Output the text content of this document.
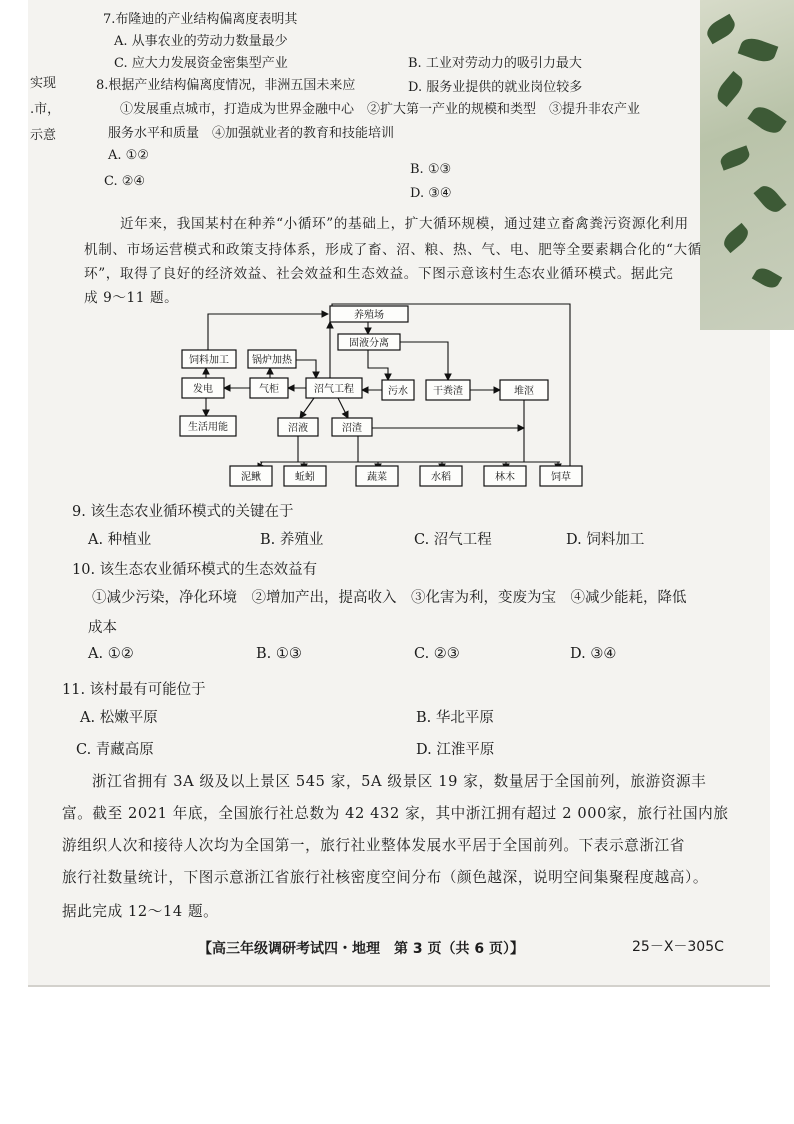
实现
.市，
示意
7.布隆迪的产业结构偏离度表明其
A. 从事农业的劳动力数量最少
C. 应大力发展资金密集型产业	B. 工业对劳动力的吸引力最大
D. 服务业提供的就业岗位较多
8.根据产业结构偏离度情况，非洲五国未来应
①发展重点城市，打造成为世界金融中心　②扩大第一产业的规模和类型　③提升非农产业
服务水平和质量　④加强就业者的教育和技能培训
A. ①②
B. ①③
C. ②④
D. ③④
近年来，我国某村在种养“小循环”的基础上，扩大循环规模，通过建立畜禽粪污资源化利用
机制、市场运营模式和政策支持体系，形成了畜、沼、粮、热、气、电、肥等全要素耦合化的“大循
环”，取得了良好的经济效益、社会效益和生态效益。下图示意该村生态农业循环模式。据此完
成 9～11 题。
养殖场
固液分离
锅炉加热
饲料加工
发电	气柜	沼气工程	污水	干粪渣	堆沤
生活用能	沼液	沼渣
泥鳅	蚯蚓	蔬菜	水稻	林木	饲草
9. 该生态农业循环模式的关键在于
A. 种植业	B. 养殖业	C. 沼气工程	D. 饲料加工
10. 该生态农业循环模式的生态效益有
①减少污染，净化环境　②增加产出，提高收入　③化害为利，变废为宝　④减少能耗，降低
成本
A. ①②	B. ①③	C. ②③	D. ③④
11. 该村最有可能位于
A. 松嫩平原	B. 华北平原
C. 青藏高原	D. 江淮平原
浙江省拥有 3A 级及以上景区 545 家，5A 级景区 19 家，数量居于全国前列，旅游资源丰
富。截至 2021 年底，全国旅行社总数为 42 432 家，其中浙江拥有超过 2 000家，旅行社国内旅
游组织人次和接待人次均为全国第一，旅行社业整体发展水平居于全国前列。下表示意浙江省
旅行社数量统计，下图示意浙江省旅行社核密度空间分布（颜色越深，说明空间集聚程度越高）。
据此完成 12～14 题。
【高三年级调研考试四・地理　第 3 页（共 6 页）】	25－X－305C
